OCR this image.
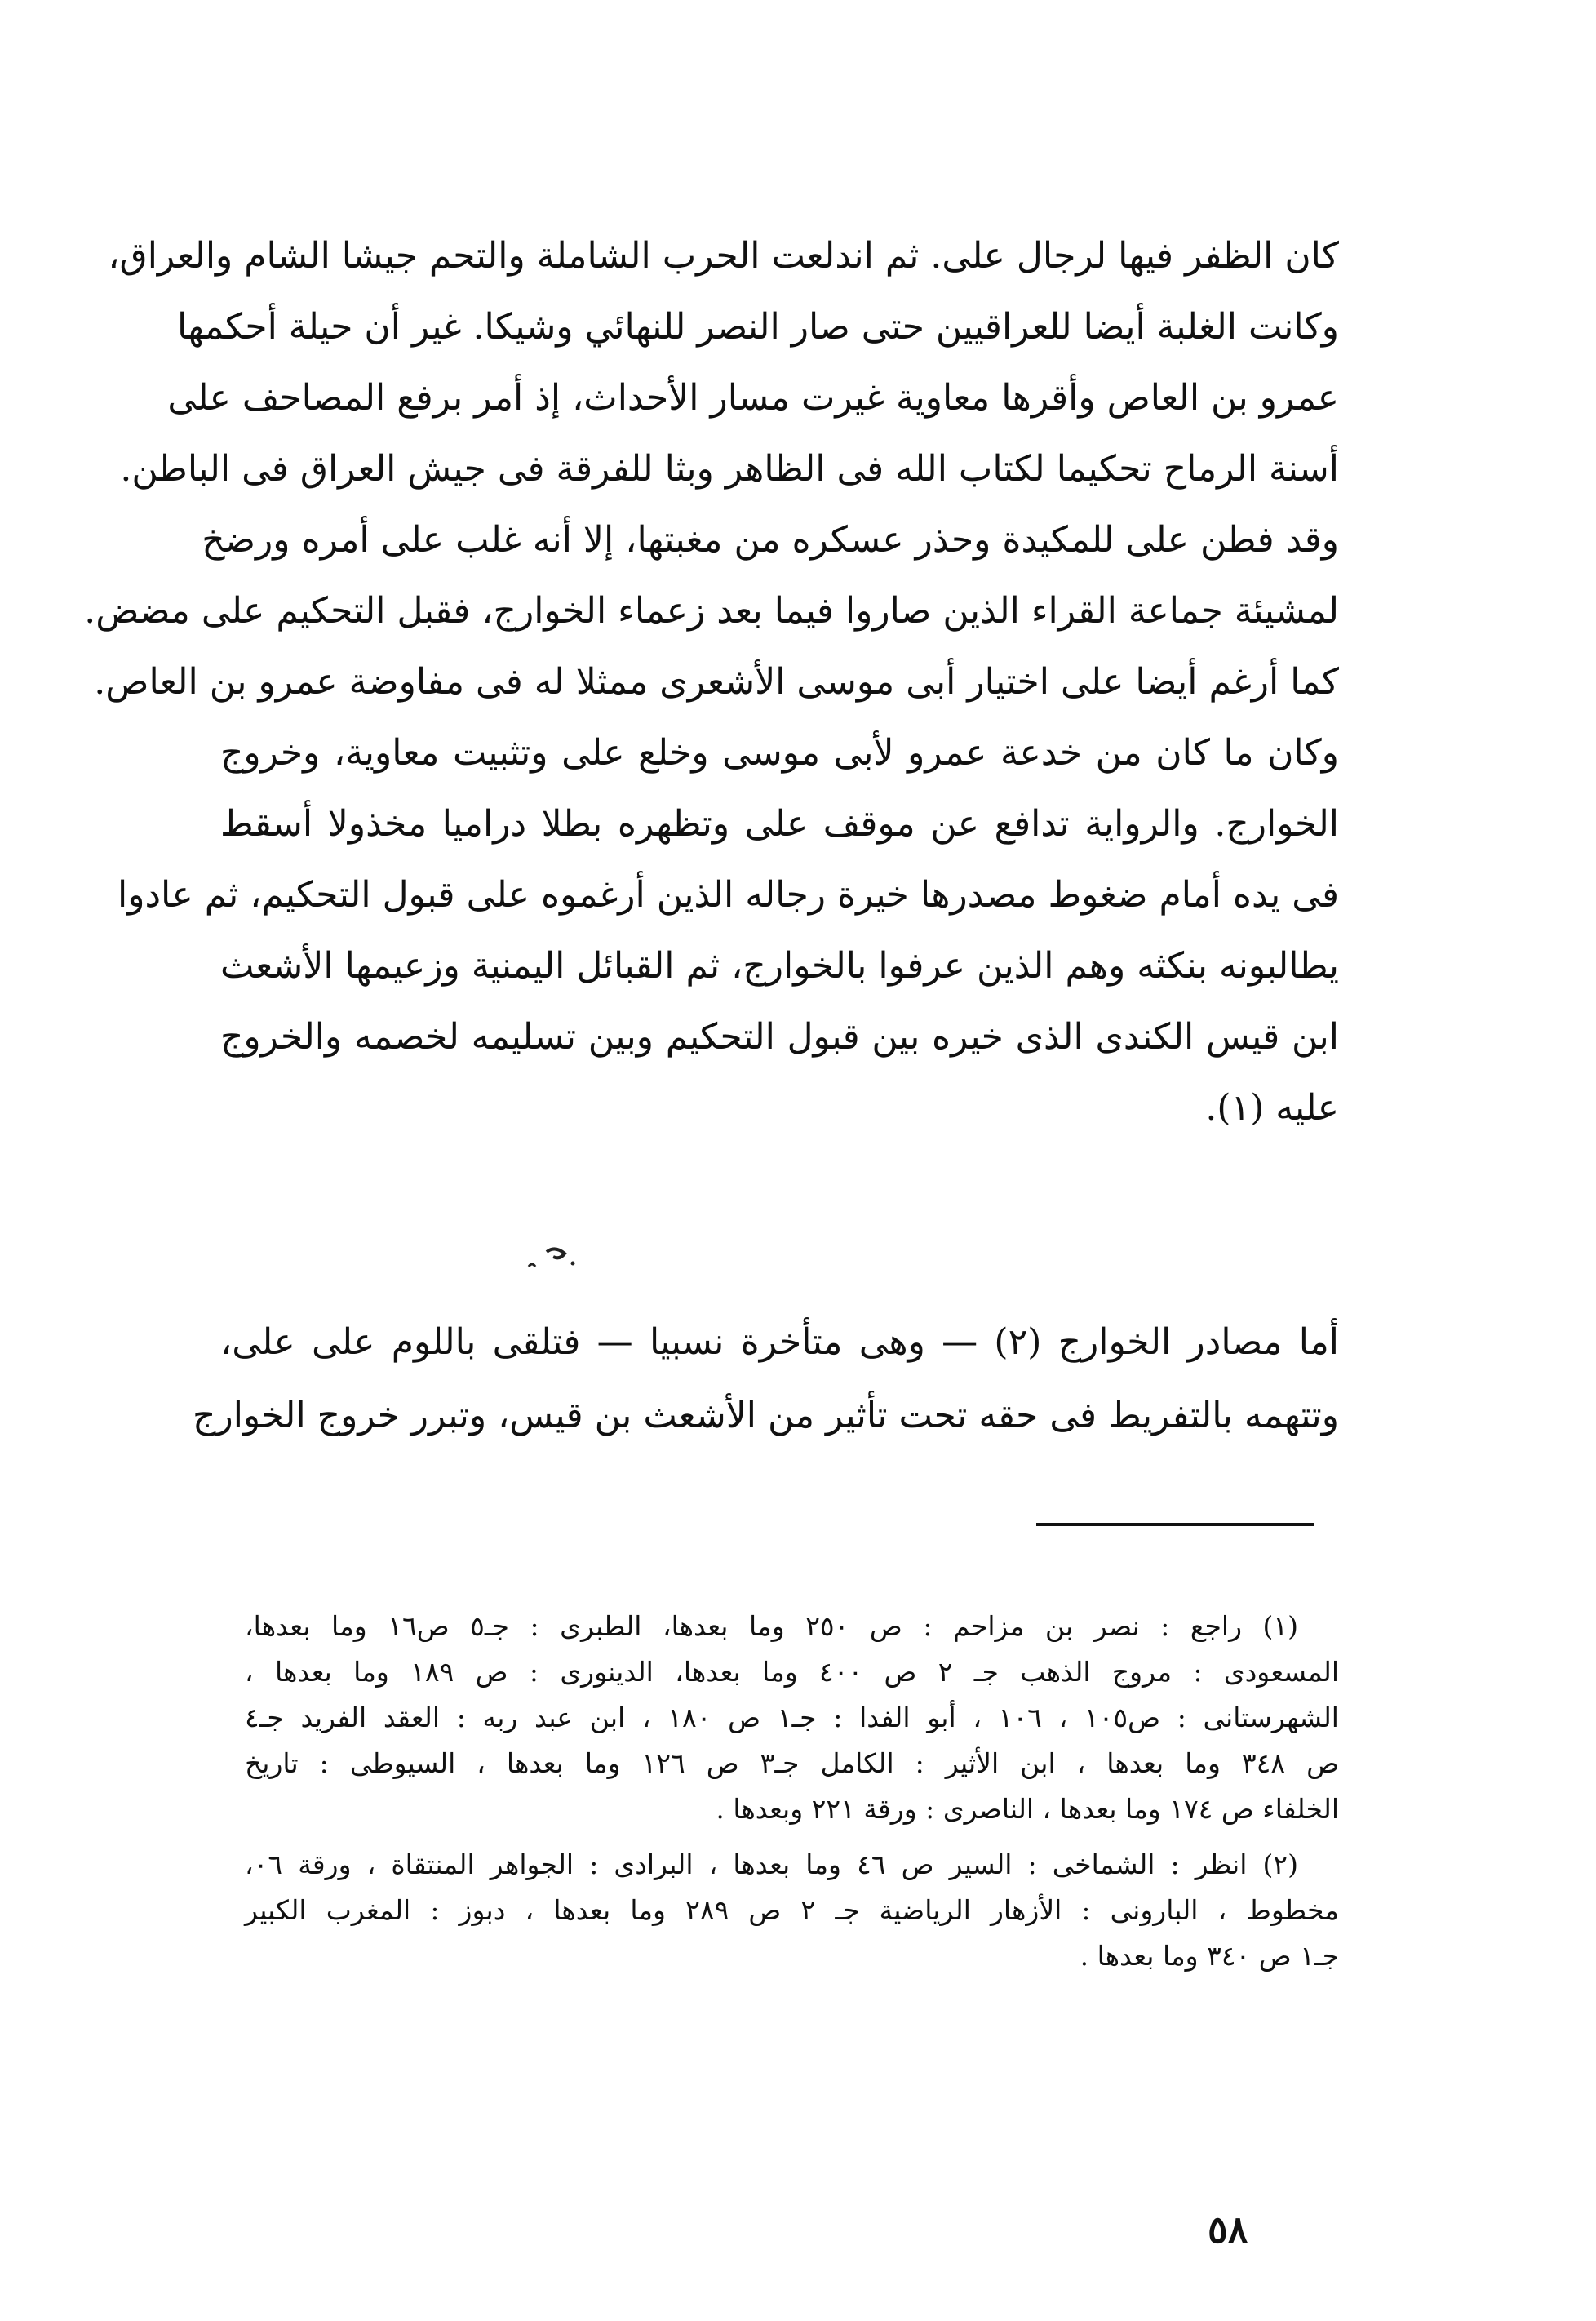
كان الظفر فيها لرجال على. ثم اندلعت الحرب الشاملة والتحم جيشا الشام والعراق،
وكانت الغلبة أيضا للعراقيين حتى صار النصر للنهائي وشيكا. غير أن حيلة أحكمها
عمرو بن العاص وأقرها معاوية غيرت مسار الأحداث، إذ أمر برفع المصاحف على
أسنة الرماح تحكيما لكتاب الله فى الظاهر وبثا للفرقة فى جيش العراق فى الباطن.
وقد فطن على للمكيدة وحذر عسكره من مغبتها، إلا أنه غلب على أمره ورضخ
لمشيئة جماعة القراء الذين صاروا فيما بعد زعماء الخوارج، فقبل التحكيم على مضض.
كما أرغم أيضا على اختيار أبى موسى الأشعرى ممثلا له فى مفاوضة عمرو بن العاص.
وكان ما كان من خدعة عمرو لأبى موسى وخلع على وتثبيت معاوية، وخروج
الخوارج. والرواية تدافع عن موقف على وتظهره بطلا دراميا مخذولا أسقط
فى يده أمام ضغوط مصدرها خيرة رجاله الذين أرغموه على قبول التحكيم، ثم عادوا
يطالبونه بنكثه وهم الذين عرفوا بالخوارج، ثم القبائل اليمنية وزعيمها الأشعث
ابن قيس الكندى الذى خيره بين قبول التحكيم وبين تسليمه لخصمه والخروج
عليه (١).
أما مصادر الخوارج (٢) — وهى متأخرة نسبيا — فتلقى باللوم على على،
وتتهمه بالتفريط فى حقه تحت تأثير من الأشعث بن قيس، وتبرر خروج الخوارج
(١) راجع : نصر بن مزاحم : ص ٢٥٠ وما بعدها، الطبرى : جـ٥ ص١٦ وما بعدها،
المسعودى : مروج الذهب جـ ٢ ص ٤٠٠ وما بعدها، الدينورى : ص ١٨٩ وما بعدها ،
الشهرستانى : ص١٠٥ ، ١٠٦ ، أبو الفدا : جـ١ ص ١٨٠ ، ابن عبد ربه : العقد الفريد جـ٤
ص ٣٤٨ وما بعدها ، ابن الأثير : الكامل جـ٣ ص ١٢٦ وما بعدها ، السيوطى : تاريخ
الخلفاء ص ١٧٤ وما بعدها ، الناصرى : ورقة ٢٢١ وبعدها .
(٢) انظر : الشماخى : السير ص ٤٦ وما بعدها ، البرادى : الجواهر المنتقاة ، ورقة ٠٦،
مخطوط ، البارونى : الأزهار الرياضية جـ ٢ ص ٢٨٩ وما بعدها ، دبوز : المغرب الكبير
جـ١ ص ٣٤٠ وما بعدها .
٥٨
